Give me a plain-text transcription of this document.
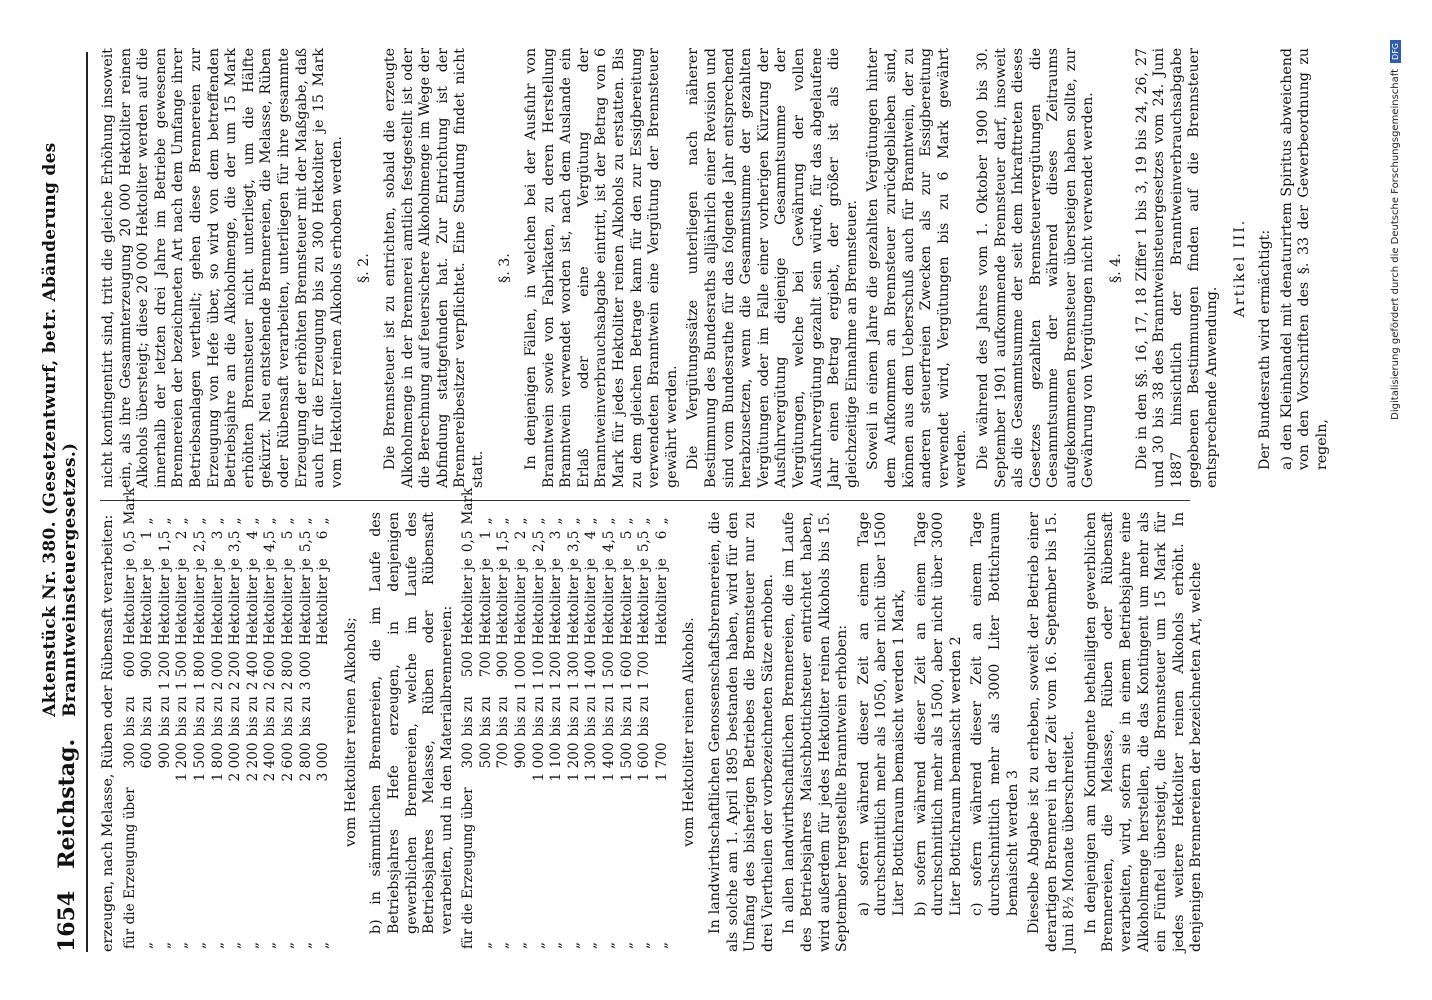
1654
Reichstag.
Aktenstück Nr. 380. (Gesetzentwurf, betr. Abänderung des Branntweinsteuergesetzes.) erzeugen, nach Melasse, Rüben oder Rübensaft verarbeiten: für die Erzeugung über	300	bis zu	600	Hektoliter je	0,5	Mark
„	600	bis zu	900	Hektoliter je	1	„
„	900	bis zu	1 200	Hektoliter je	1,5	„
„	1 200	bis zu	1 500	Hektoliter je	2	„
„	1 500	bis zu	1 800	Hektoliter je	2,5	„
„	1 800	bis zu	2 000	Hektoliter je	3	„
„	2 000	bis zu	2 200	Hektoliter je	3,5	„
„	2 200	bis zu	2 400	Hektoliter je	4	„
„	2 400	bis zu	2 600	Hektoliter je	4,5	„
„	2 600	bis zu	2 800	Hektoliter je	5	„
„	2 800	bis zu	3 000	Hektoliter je	5,5	„
„	3 000			Hektoliter je	6	„

vom Hektoliter reinen Alkohols; b) in sämmtlichen Brennereien, die im Laufe des Betriebsjahres Hefe erzeugen, in denjenigen gewerblichen Brennereien, welche im Laufe des Betriebsjahres Melasse, Rüben oder Rübensaft verarbeiten, und in den Materialbrennereien: für die Erzeugung über	300	bis zu	500	Hektoliter je	0,5	Mark
„	500	bis zu	700	Hektoliter je	1	„
„	700	bis zu	900	Hektoliter je	1,5	„
„	900	bis zu	1 000	Hektoliter je	2	„
„	1 000	bis zu	1 100	Hektoliter je	2,5	„
„	1 100	bis zu	1 200	Hektoliter je	3	„
„	1 200	bis zu	1 300	Hektoliter je	3,5	„
„	1 300	bis zu	1 400	Hektoliter je	4	„
„	1 400	bis zu	1 500	Hektoliter je	4,5	„
„	1 500	bis zu	1 600	Hektoliter je	5	„
„	1 600	bis zu	1 700	Hektoliter je	5,5	„
„	1 700			Hektoliter je	6	„

vom Hektoliter reinen Alkohols. In landwirthschaftlichen Genossenschaftsbrennereien, die als solche am 1. April 1895 bestanden haben, wird für den Umfang des bisherigen Betriebes die Brennsteuer nur zu drei Viertheilen der vorbezeichneten Sätze erhoben. In allen landwirthschaftlichen Brennereien, die im Laufe des Betriebsjahres Maischbottichsteuer entrichtet haben, wird außerdem für jedes Hektoliter reinen Alkohols bis 15. September hergestellte Branntwein erhoben: a) sofern während dieser Zeit an einem Tage durchschnittlich mehr als 1050, aber nicht über 1500 Liter Bottichraum bemaischt werden 1 Mark, b) sofern während dieser Zeit an einem Tage durchschnittlich mehr als 1500, aber nicht über 3000 Liter Bottichraum bemaischt werden 2 c) sofern während dieser Zeit an einem Tage durchschnittlich mehr als 3000 Liter Bottichraum bemaischt werden 3 Dieselbe Abgabe ist zu erheben, soweit der Betrieb einer derartigen Brennerei in der Zeit vom 16. September bis 15. Juni 8½ Monate überschreitet. In denjenigen am Kontingente betheiligten gewerblichen Brennereien, die Melasse, Rüben oder Rübensaft verarbeiten, wird, sofern sie in einem Betriebsjahre eine Alkoholmenge herstellen, die das Kontingent um mehr als ein Fünftel übersteigt, die Brennsteuer um 15 Mark für jedes weitere Hektoliter reinen Alkohols erhöht. In denjenigen Brennereien der bezeichneten Art, welche

nicht kontingentirt sind, tritt die gleiche Erhöhung insoweit ein, als ihre Gesammterzeugung 20 000 Hektoliter reinen Alkohols übersteigt; diese 20 000 Hektoliter werden auf die innerhalb der letzten drei Jahre im Betriebe gewesenen Brennereien der bezeichneten Art nach dem Umfange ihrer Betriebsanlagen vertheilt; gehen diese Brennereien zur Erzeugung von Hefe über, so wird von dem betreffenden Betriebsjahre an die Alkoholmenge, die der um 15 Mark erhöhten Brennsteuer nicht unterliegt, um die Hälfte gekürzt. Neu entstehende Brennereien, die Melasse, Rüben oder Rübensaft verarbeiten, unterliegen für ihre gesammte Erzeugung der erhöhten Brennsteuer mit der Maßgabe, daß auch für die Erzeugung bis zu 300 Hektoliter je 15 Mark vom Hektoliter reinen Alkohols erhoben werden. §. 2. Die Brennsteuer ist zu entrichten, sobald die erzeugte Alkoholmenge in der Brennerei amtlich festgestellt ist oder die Berechnung auf feuersichere Alkoholmenge im Wege der Abfindung stattgefunden hat. Zur Entrichtung ist der Brennereibesitzer verpflichtet. Eine Stundung findet nicht statt.

§. 3. In denjenigen Fällen, in welchen bei der Ausfuhr von Branntwein sowie von Fabrikaten, zu deren Herstellung Branntwein verwendet worden ist, nach dem Auslande ein Erlaß oder eine Vergütung der Branntweinverbrauchsabgabe eintritt, ist der Betrag von 6 Mark für jedes Hektoliter reinen Alkohols zu erstatten. Bis zu dem gleichen Betrage kann für den zur Essigbereitung verwendeten Branntwein eine Vergütung der Brennsteuer gewährt werden. Die Vergütungssätze unterliegen nach näherer Bestimmung des Bundesraths alljährlich einer Revision und sind vom Bundesrathe für das folgende Jahr entsprechend herabzusetzen, wenn die Gesammtsumme der gezahlten Vergütungen oder im Falle einer vorherigen Kürzung der Ausfuhrvergütung diejenige Gesammtsumme der Vergütungen, welche bei Gewährung der vollen Ausfuhrvergütung gezahlt sein würde, für das abgelaufene Jahr einen Betrag ergiebt, der größer ist als die gleichzeitige Einnahme an Brennsteuer. Soweil in einem Jahre die gezahlten Vergütungen hinter dem Aufkommen an Brennsteuer zurückgeblieben sind, können aus dem Ueberschuß auch für Branntwein, der zu anderen steuerfreien Zwecken als zur Essigbereitung verwendet wird, Vergütungen bis zu 6 Mark gewährt werden. Die während des Jahres vom 1. Oktober 1900 bis 30. September 1901 aufkommende Brennsteuer darf, insoweit als die Gesammtsumme der seit dem Inkrafttreten dieses Gesetzes gezahlten Brennsteuervergütungen die Gesammtsumme der während dieses Zeitraums aufgekommenen Brennsteuer übersteigen haben sollte, zur Gewährung von Vergütungen nicht verwendet werden. §. 4. Die in den §§. 16, 17, 18 Ziffer 1 bis 3, 19 bis 24, 26, 27 und 30 bis 38 des Branntweinsteuergesetzes vom 24. Juni 1887 hinsichtlich der Branntweinverbrauchsabgabe gegebenen Bestimmungen finden auf die Brennsteuer entsprechende Anwendung.

Artikel III. Der Bundesrath wird ermächtigt: a) den Kleinhandel mit denaturirtem Spiritus abweichend von den Vorschriften des §. 33 der Gewerbeordnung zu regeln,

Digitalisierung gefördert durch die Deutsche ForschungsgemeinschaftDFG
